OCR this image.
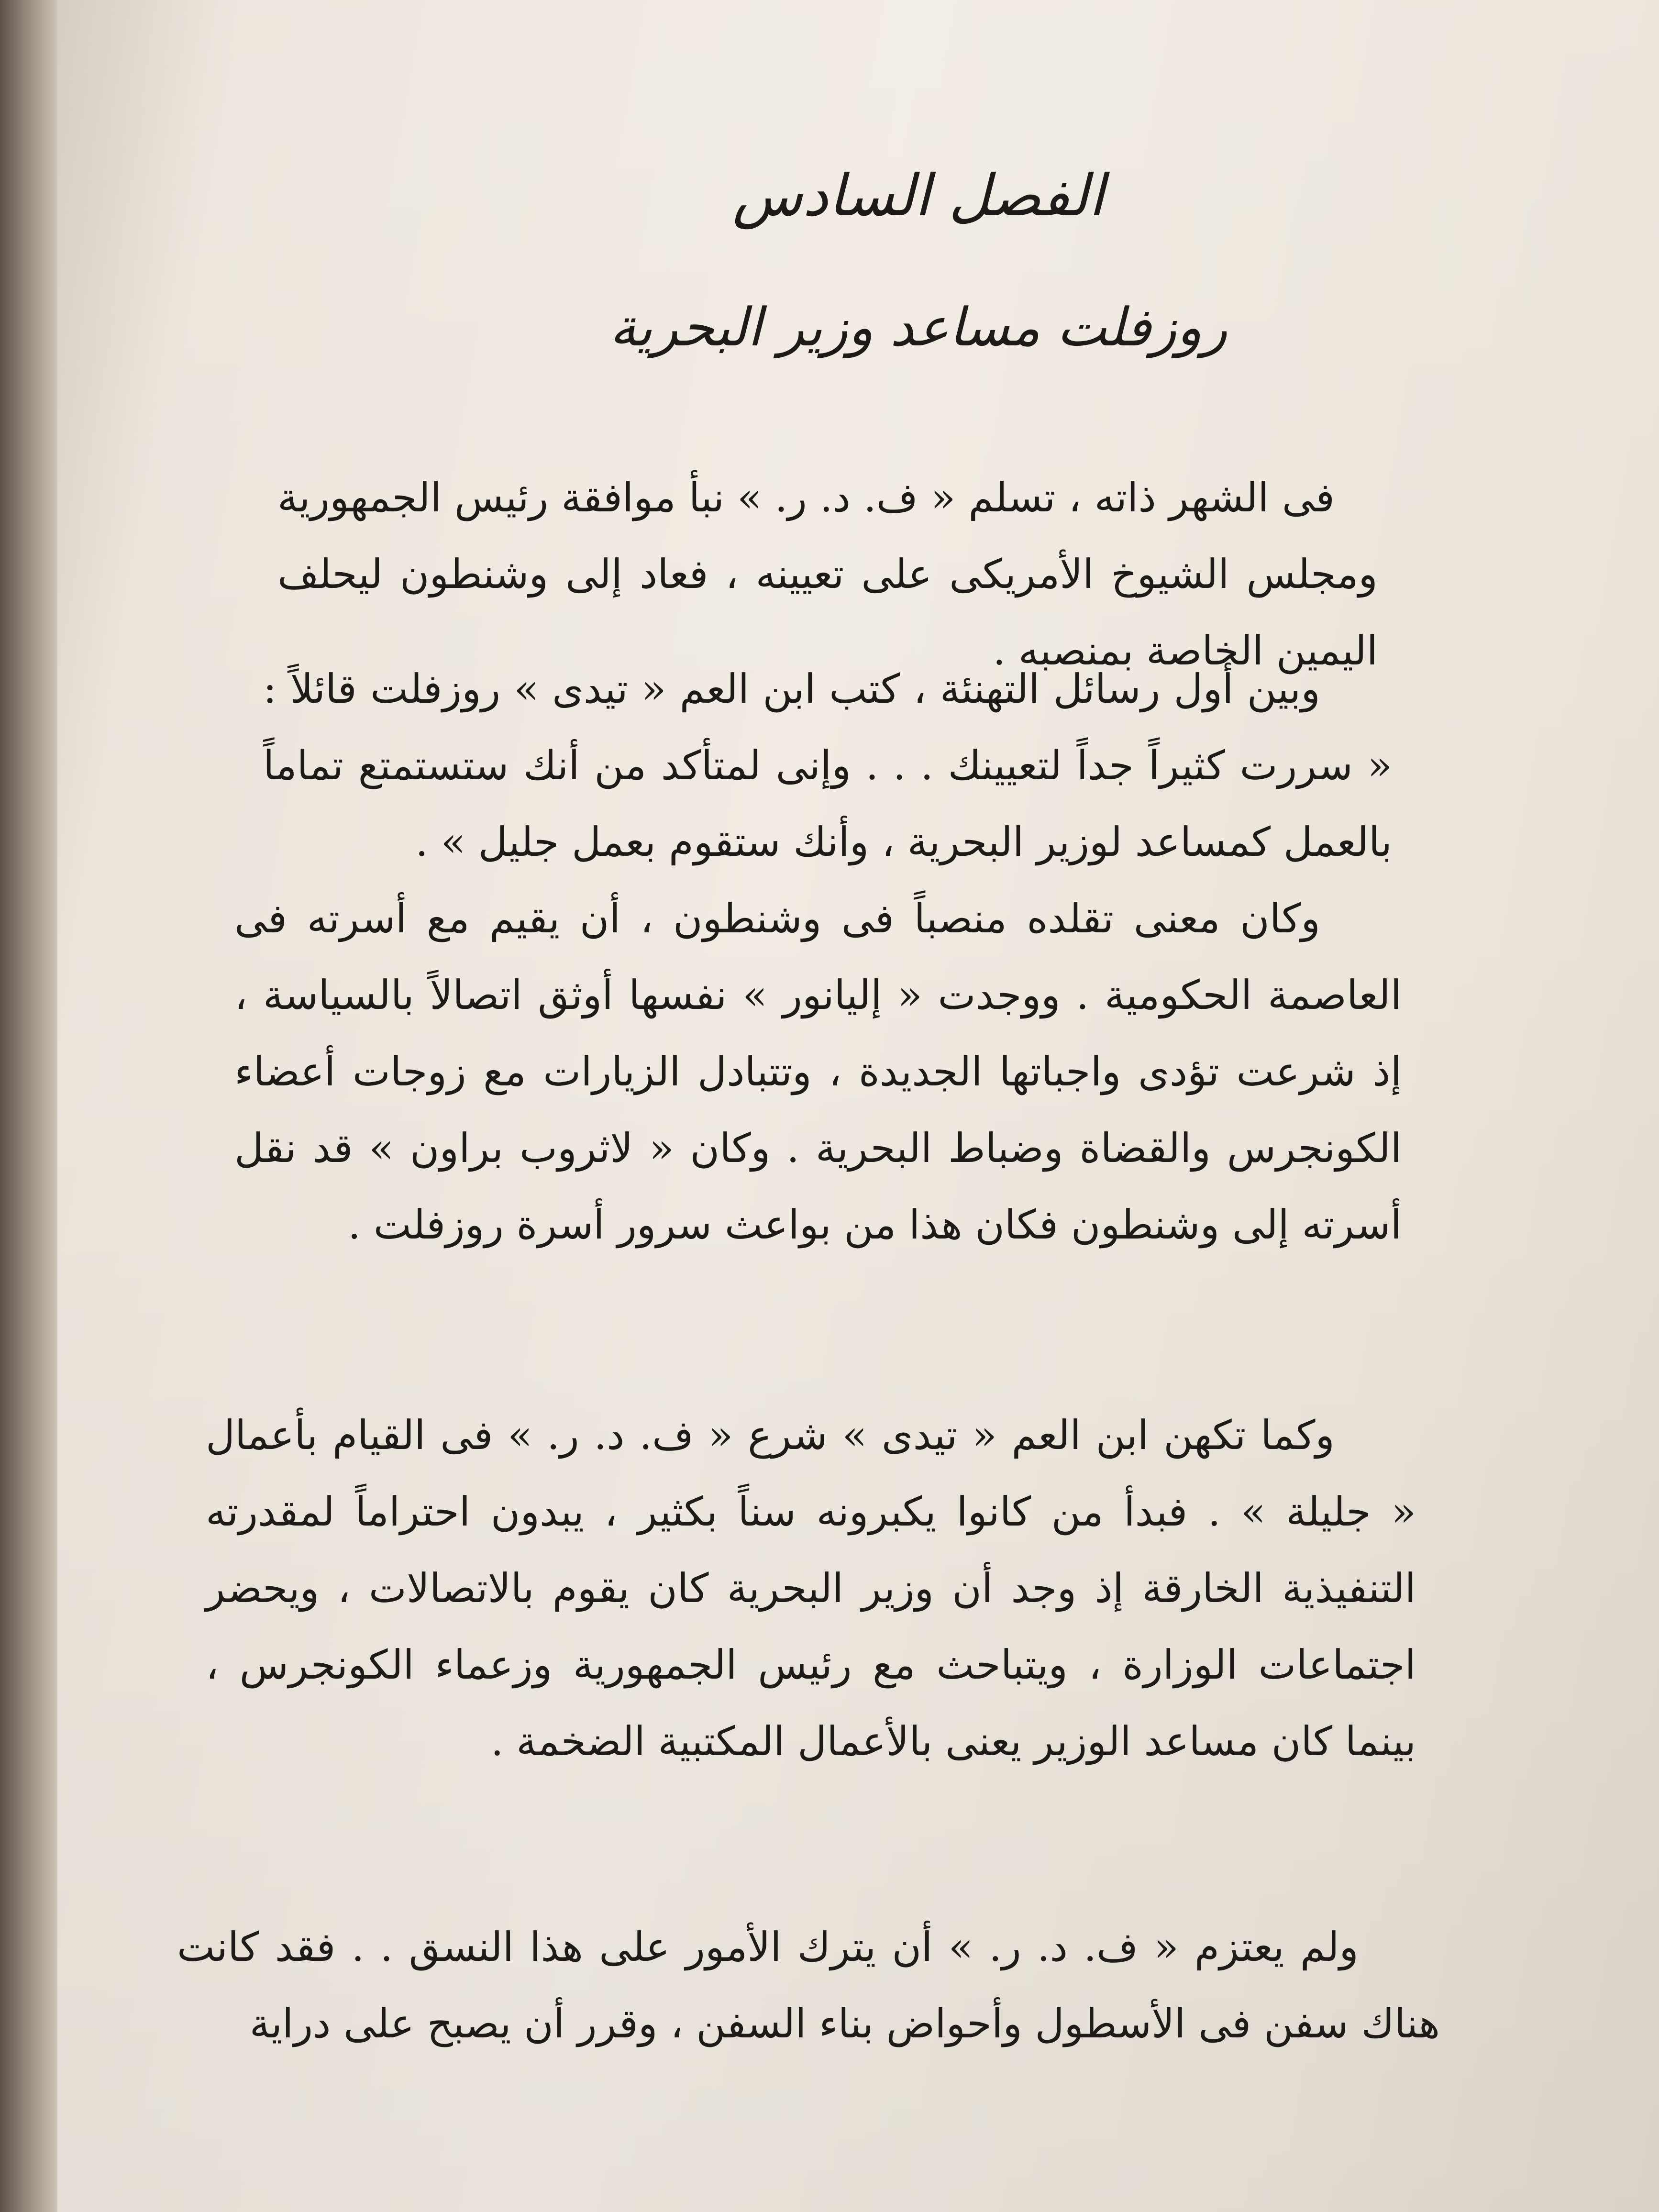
الفصل السادس
روزفلت مساعد وزير البحرية
فى الشهر ذاته ، تسلم « ف. د. ر. » نبأ موافقة رئيس الجمهورية ومجلس الشيوخ الأمريكى على تعيينه ، فعاد إلى وشنطون ليحلف اليمين الخاصة بمنصبه .
وبين أول رسائل التهنئة ، كتب ابن العم « تيدى » روزفلت قائلاً : « سررت كثيراً جداً لتعيينك . . . وإنى لمتأكد من أنك ستستمتع تماماً بالعمل كمساعد لوزير البحرية ، وأنك ستقوم بعمل جليل » .
وكان معنى تقلده منصباً فى وشنطون ، أن يقيم مع أسرته فى العاصمة الحكومية . ووجدت « إليانور » نفسها أوثق اتصالاً بالسياسة ، إذ شرعت تؤدى واجباتها الجديدة ، وتتبادل الزيارات مع زوجات أعضاء الكونجرس والقضاة وضباط البحرية . وكان « لاثروب براون » قد نقل أسرته إلى وشنطون فكان هذا من بواعث سرور أسرة روزفلت .
وكما تكهن ابن العم « تيدى » شرع « ف. د. ر. » فى القيام بأعمال « جليلة » . فبدأ من كانوا يكبرونه سناً بكثير ، يبدون احتراماً لمقدرته التنفيذية الخارقة إذ وجد أن وزير البحرية كان يقوم بالاتصالات ، ويحضر اجتماعات الوزارة ، ويتباحث مع رئيس الجمهورية وزعماء الكونجرس ، بينما كان مساعد الوزير يعنى بالأعمال المكتبية الضخمة .
ولم يعتزم « ف. د. ر. » أن يترك الأمور على هذا النسق . . فقد كانت هناك سفن فى الأسطول وأحواض بناء السفن ، وقرر أن يصبح على دراية
